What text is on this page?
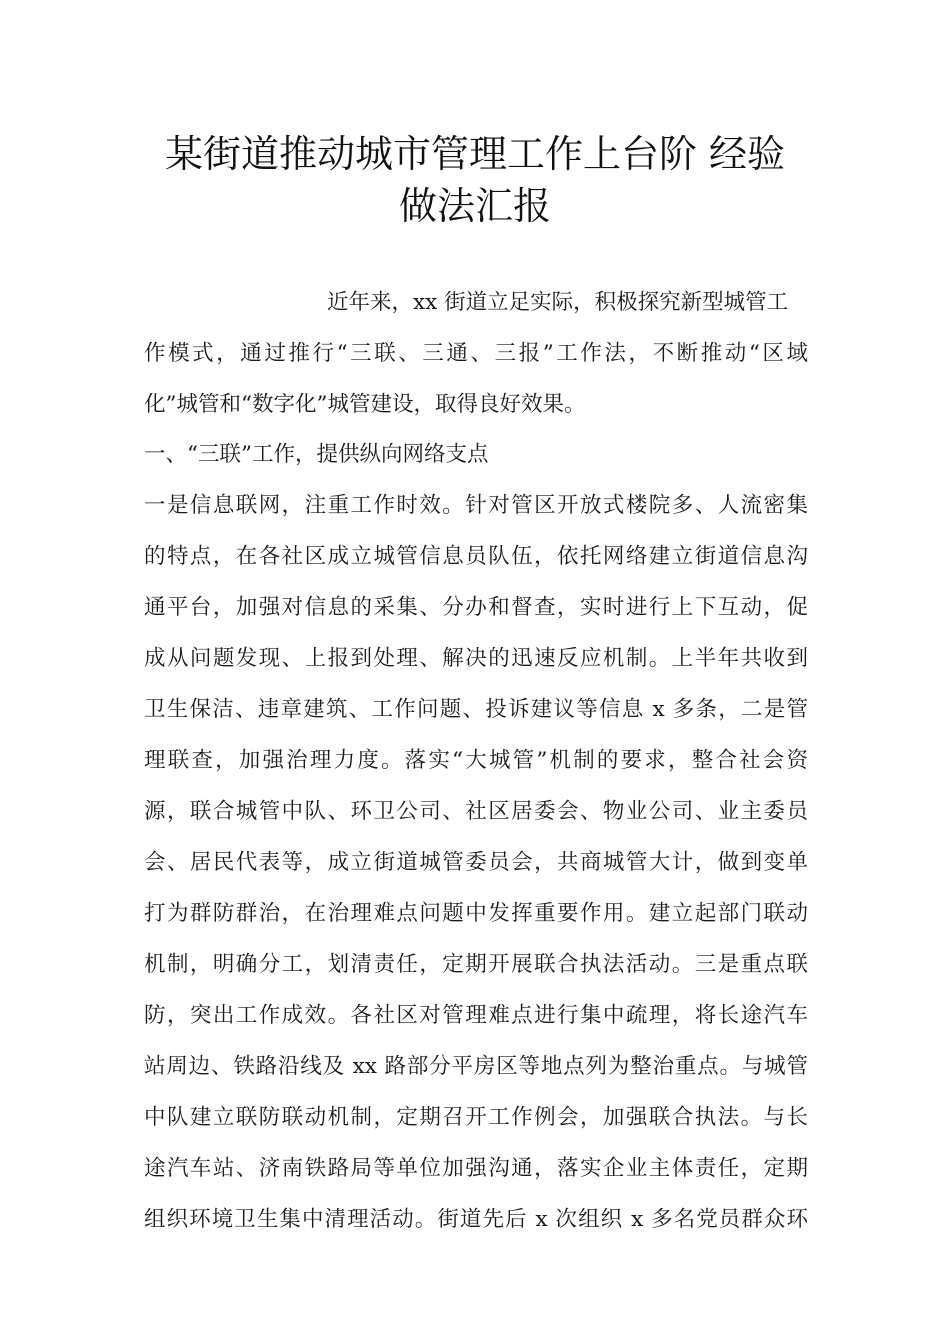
某街道推动城市管理工作上台阶 经验
做法汇报
近年来，xx 街道立足实际，积极探究新型城管工
作模式，通过推行“三联、三通、三报”工作法，不断推动“区域
化”城管和“数字化”城管建设，取得良好效果。
一、“三联”工作，提供纵向网络支点
一是信息联网，注重工作时效。针对管区开放式楼院多、人流密集
的特点，在各社区成立城管信息员队伍，依托网络建立街道信息沟
通平台，加强对信息的采集、分办和督查，实时进行上下互动，促
成从问题发现、上报到处理、解决的迅速反应机制。上半年共收到
卫生保洁、违章建筑、工作问题、投诉建议等信息 x 多条，二是管
理联查，加强治理力度。落实“大城管”机制的要求，整合社会资
源，联合城管中队、环卫公司、社区居委会、物业公司、业主委员
会、居民代表等，成立街道城管委员会，共商城管大计，做到变单
打为群防群治，在治理难点问题中发挥重要作用。建立起部门联动
机制，明确分工，划清责任，定期开展联合执法活动。三是重点联
防，突出工作成效。各社区对管理难点进行集中疏理，将长途汽车
站周边、铁路沿线及 xx 路部分平房区等地点列为整治重点。与城管
中队建立联防联动机制，定期召开工作例会，加强联合执法。与长
途汽车站、济南铁路局等单位加强沟通，落实企业主体责任，定期
组织环境卫生集中清理活动。街道先后 x 次组织 x 多名党员群众环
